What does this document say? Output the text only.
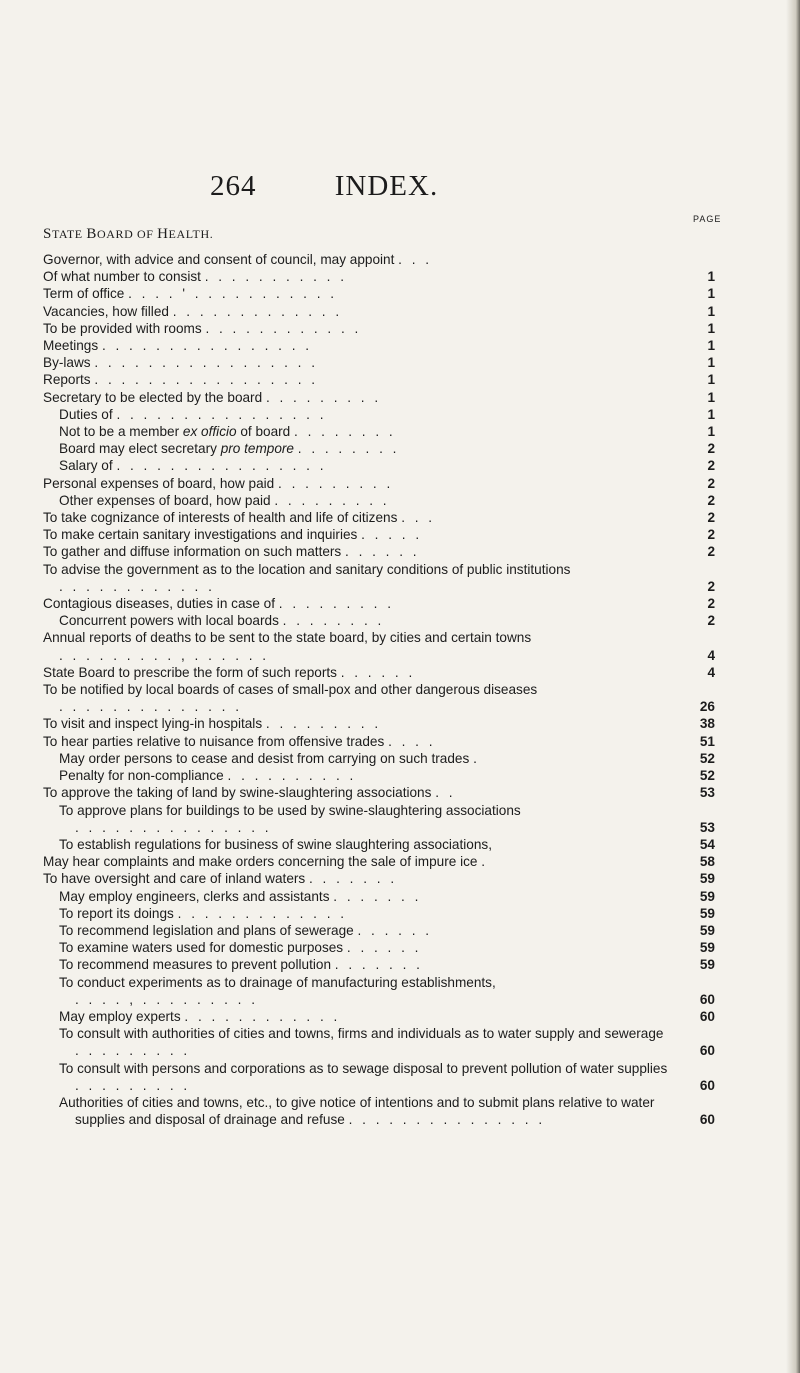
264	INDEX.
PAGE
STATE BOARD OF HEALTH.
Governor, with advice and consent of council, may appoint . . .
Of what number to consist . . . . . . . . . . .	1
Term of office . . . . ' . . . . . . . . . . .	1
Vacancies, how filled . . . . . . . . . . . . .	1
To be provided with rooms . . . . . . . . . . . .	1
Meetings . . . . . . . . . . . . . . . .	1
By-laws . . . . . . . . . . . . . . . . .	1
Reports . . . . . . . . . . . . . . . . .	1
Secretary to be elected by the board . . . . . . . . .	1
Duties of . . . . . . . . . . . . . . . .	1
Not to be a member ex officio of board . . . . . . . .	1
Board may elect secretary pro tempore . . . . . . . .	2
Salary of . . . . . . . . . . . . . . . .	2
Personal expenses of board, how paid . . . . . . . . .	2
Other expenses of board, how paid . . . . . . . . .	2
To take cognizance of interests of health and life of citizens . . .	2
To make certain sanitary investigations and inquiries . . . . .	2
To gather and diffuse information on such matters . . . . . .	2
To advise the government as to the location and sanitary conditions of public institutions . . . . . . . . . . . .	2
Contagious diseases, duties in case of . . . . . . . . .	2
Concurrent powers with local boards . . . . . . . .	2
Annual reports of deaths to be sent to the state board, by cities and certain towns . . . . . . . . . , . . . . . .	4
State Board to prescribe the form of such reports . . . . . .	4
To be notified by local boards of cases of small-pox and other dangerous diseases . . . . . . . . . . . . . .	26
To visit and inspect lying-in hospitals . . . . . . . . .	38
To hear parties relative to nuisance from offensive trades . . . .	51
May order persons to cease and desist from carrying on such trades .	52
Penalty for non-compliance . . . . . . . . . .	52
To approve the taking of land by swine-slaughtering associations . .	53
To approve plans for buildings to be used by swine-slaughtering associations . . . . . . . . . . . . . . .	53
To establish regulations for business of swine slaughtering associations,	54
May hear complaints and make orders concerning the sale of impure ice .	58
To have oversight and care of inland waters . . . . . . .	59
May employ engineers, clerks and assistants . . . . . . .	59
To report its doings . . . . . . . . . . . . .	59
To recommend legislation and plans of sewerage . . . . . .	59
To examine waters used for domestic purposes . . . . . .	59
To recommend measures to prevent pollution . . . . . . .	59
To conduct experiments as to drainage of manufacturing establishments, . . . . , . . . . . . . . .	60
May employ experts . . . . . . . . . . . .	60
To consult with authorities of cities and towns, firms and individuals as to water supply and sewerage . . . . . . . . .	60
To consult with persons and corporations as to sewage disposal to prevent pollution of water supplies . . . . . . . . .	60
Authorities of cities and towns, etc., to give notice of intentions and to submit plans relative to water supplies and disposal of drainage and refuse . . . . . . . . . . . . . . .	60
